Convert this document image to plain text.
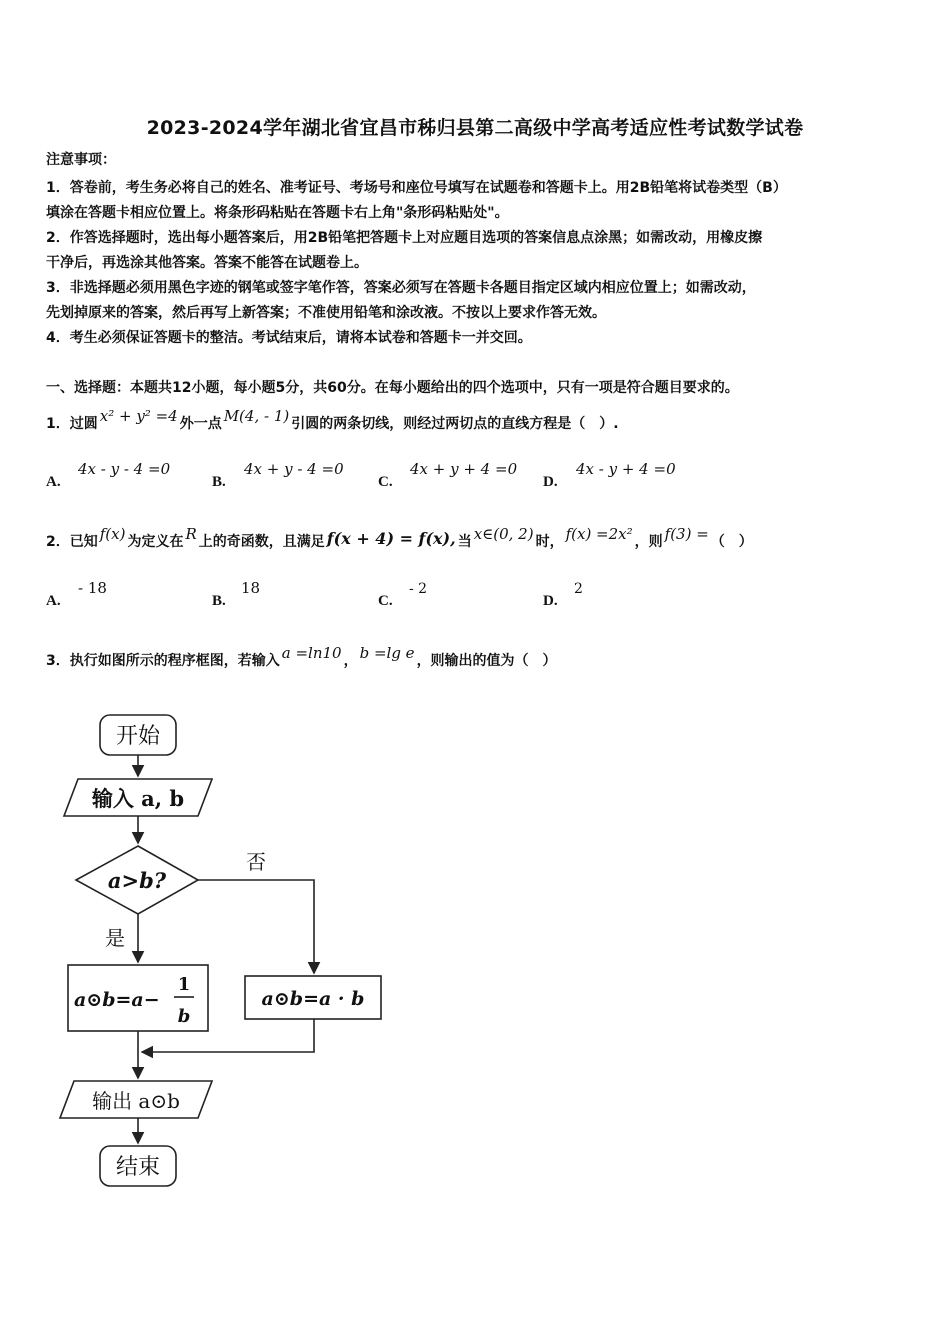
2023-2024学年湖北省宜昌市秭归县第二高级中学高考适应性考试数学试卷
注意事项：
1．答卷前，考生务必将自己的姓名、准考证号、考场号和座位号填写在试题卷和答题卡上。用2B铅笔将试卷类型（B）
填涂在答题卡相应位置上。将条形码粘贴在答题卡右上角"条形码粘贴处"。
2．作答选择题时，选出每小题答案后，用2B铅笔把答题卡上对应题目选项的答案信息点涂黑；如需改动，用橡皮擦
干净后，再选涂其他答案。答案不能答在试题卷上。
3．非选择题必须用黑色字迹的钢笔或签字笔作答，答案必须写在答题卡各题目指定区域内相应位置上；如需改动，
先划掉原来的答案，然后再写上新答案；不准使用铅笔和涂改液。不按以上要求作答无效。
4．考生必须保证答题卡的整洁。考试结束后，请将本试卷和答题卡一并交回。
一、选择题：本题共12小题，每小题5分，共60分。在每小题给出的四个选项中，只有一项是符合题目要求的。
1．过圆 x² + y² =4 外一点 M(4, - 1) 引圆的两条切线，则经过两切点的直线方程是（　）.
A.
4x - y - 4 =0
B.
4x + y - 4 =0
C.
4x + y + 4 =0
D.
4x - y + 4 =0
2．已知 f(x) 为定义在 R 上的奇函数，且满足 f(x + 4) = f(x), 当 x∈(0, 2) 时， f(x) =2x² ，则 f(3) = （　）
A.
- 18
B.
18
C.
- 2
D.
2
3．执行如图所示的程序框图，若输入 a =ln10 ， b =lg e ，则输出的值为（　）
开始
输入 a, b
a>b?
否
是
a⊙b=a−
1
b
a⊙b=a · b
输出 a⊙b
结束
